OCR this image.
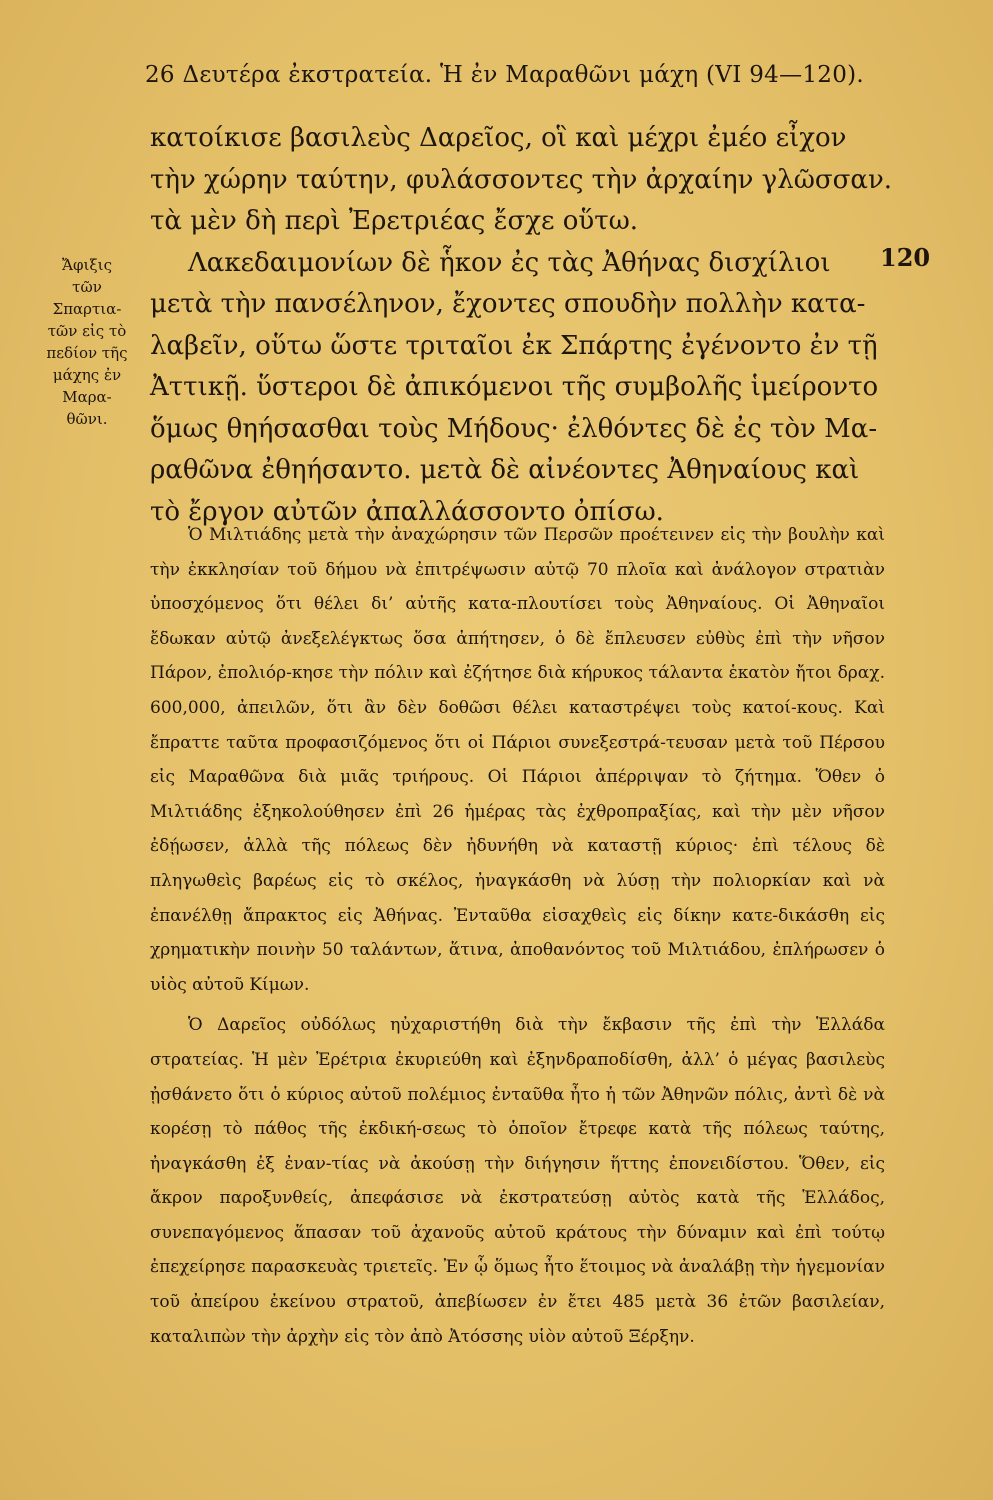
26 Δευτέρα ἐκστρατεία. Ἡ ἐν Μαραθῶνι μάχη (VI 94—120).
Ἄφιξις
τῶν
Σπαρτια-
τῶν εἰς τὸ
πεδίον τῆς
μάχης ἐν
Μαρα-
θῶνι.
120
κατοίκισε βασιλεὺς Δαρεῖος, οἳ καὶ μέχρι ἐμέο εἶχον
τὴν χώρην ταύτην, φυλάσσοντες τὴν ἀρχαίην γλῶσσαν.
τὰ μὲν δὴ περὶ Ἐρετριέας ἔσχε οὕτω.
Λακεδαιμονίων δὲ ἧκον ἐς τὰς Ἀθήνας δισχίλιοι
μετὰ τὴν πανσέληνον, ἔχοντες σπουδὴν πολλὴν κατα-
λαβεῖν, οὕτω ὥστε τριταῖοι ἐκ Σπάρτης ἐγένοντο ἐν τῇ
Ἀττικῇ. ὕστεροι δὲ ἀπικόμενοι τῆς συμβολῆς ἱμείροντο
ὅμως θηήσασθαι τοὺς Μήδους· ἐλθόντες δὲ ἐς τὸν Μα-
ραθῶνα ἐθηήσαντο. μετὰ δὲ αἰνέοντες Ἀθηναίους καὶ
τὸ ἔργον αὐτῶν ἀπαλλάσσοντο ὀπίσω.

Ὁ Μιλτιάδης μετὰ τὴν ἀναχώρησιν τῶν Περσῶν προέτεινεν εἰς τὴν βουλὴν καὶ τὴν ἐκκλησίαν τοῦ δήμου νὰ ἐπιτρέψωσιν αὐτῷ 70 πλοῖα καὶ ἀνάλογον στρατιὰν ὑποσχόμενος ὅτι θέλει δι’ αὐτῆς κατα-πλουτίσει τοὺς Ἀθηναίους. Οἱ Ἀθηναῖοι ἔδωκαν αὐτῷ ἀνεξελέγκτως ὅσα ἀπήτησεν, ὁ δὲ ἔπλευσεν εὐθὺς ἐπὶ τὴν νῆσον Πάρον, ἐπολιόρ-κησε τὴν πόλιν καὶ ἐζήτησε διὰ κήρυκος τάλαντα ἑκατὸν ἤτοι δραχ. 600,000, ἀπειλῶν, ὅτι ἂν δὲν δοθῶσι θέλει καταστρέψει τοὺς κατοί-κους. Καὶ ἔπραττε ταῦτα προφασιζόμενος ὅτι οἱ Πάριοι συνεξεστρά-τευσαν μετὰ τοῦ Πέρσου εἰς Μαραθῶνα διὰ μιᾶς τριήρους. Οἱ Πάριοι ἀπέρριψαν τὸ ζήτημα. Ὅθεν ὁ Μιλτιάδης ἐξηκολούθησεν ἐπὶ 26 ἡμέρας τὰς ἐχθροπραξίας, καὶ τὴν μὲν νῆσον ἐδῄωσεν, ἀλλὰ τῆς πόλεως δὲν ἠδυνήθη νὰ καταστῇ κύριος· ἐπὶ τέλους δὲ πληγωθεὶς βαρέως εἰς τὸ σκέλος, ἠναγκάσθη νὰ λύσῃ τὴν πολιορκίαν καὶ νὰ ἐπανέλθῃ ἄπρακτος εἰς Ἀθήνας. Ἐνταῦθα εἰσαχθεὶς εἰς δίκην κατε-δικάσθη εἰς χρηματικὴν ποινὴν 50 ταλάντων, ἅτινα, ἀποθανόντος τοῦ Μιλτιάδου, ἐπλήρωσεν ὁ υἱὸς αὐτοῦ Κίμων.

Ὁ Δαρεῖος οὐδόλως ηὐχαριστήθη διὰ τὴν ἔκβασιν τῆς ἐπὶ τὴν Ἑλλάδα στρατείας. Ἡ μὲν Ἐρέτρια ἐκυριεύθη καὶ ἐξηνδραποδίσθη, ἀλλ’ ὁ μέγας βασιλεὺς ᾐσθάνετο ὅτι ὁ κύριος αὐτοῦ πολέμιος ἐνταῦθα ἦτο ἡ τῶν Ἀθηνῶν πόλις, ἀντὶ δὲ νὰ κορέσῃ τὸ πάθος τῆς ἐκδική-σεως τὸ ὁποῖον ἔτρεφε κατὰ τῆς πόλεως ταύτης, ἠναγκάσθη ἐξ ἐναν-τίας νὰ ἀκούσῃ τὴν διήγησιν ἥττης ἐπονειδίστου. Ὅθεν, εἰς ἄκρον παροξυνθείς, ἀπεφάσισε νὰ ἐκστρατεύσῃ αὐτὸς κατὰ τῆς Ἑλλάδος, συνεπαγόμενος ἅπασαν τοῦ ἀχανοῦς αὐτοῦ κράτους τὴν δύναμιν καὶ ἐπὶ τούτῳ ἐπεχείρησε παρασκευὰς τριετεῖς. Ἐν ᾧ ὅμως ἦτο ἕτοιμος νὰ ἀναλάβῃ τὴν ἡγεμονίαν τοῦ ἀπείρου ἐκείνου στρατοῦ, ἀπεβίωσεν ἐν ἔτει 485 μετὰ 36 ἐτῶν βασιλείαν, καταλιπὼν τὴν ἀρχὴν εἰς τὸν ἀπὸ Ἀτόσσης υἱὸν αὐτοῦ Ξέρξην.
